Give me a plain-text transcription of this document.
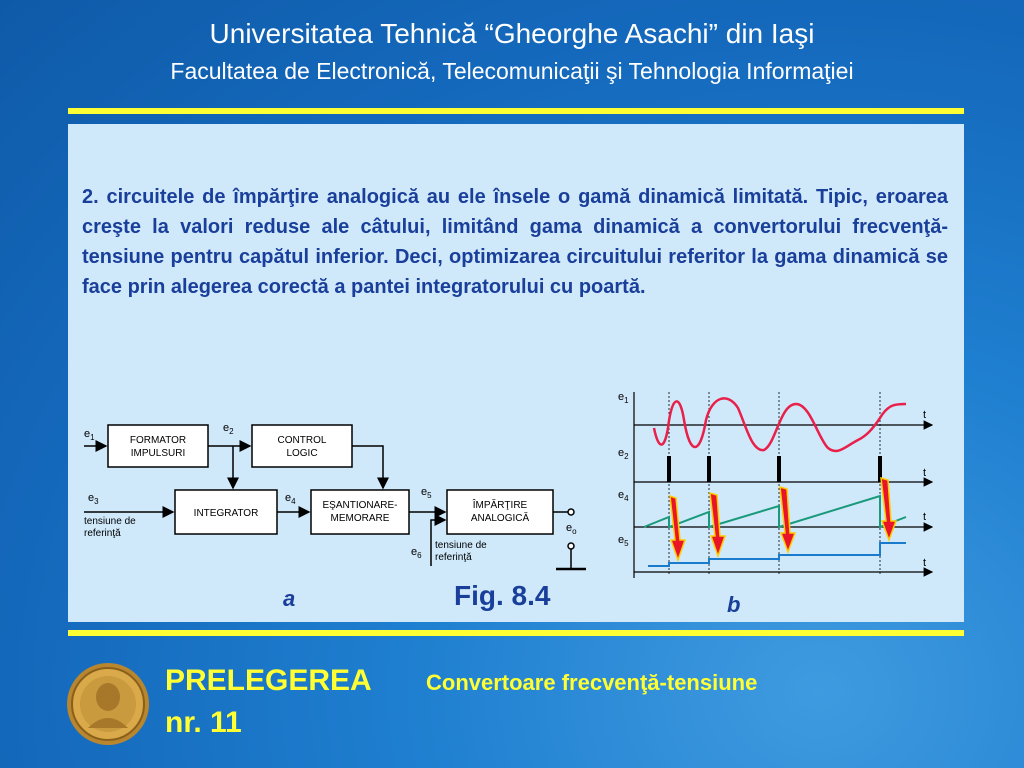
Universitatea Tehnică “Gheorghe Asachi” din Iaşi
Facultatea de Electronică, Telecomunicaţii şi Tehnologia Informaţiei
2. circuitele de împărţire analogică au ele însele o gamă dinamică limitată. Tipic, eroarea creşte la valori reduse ale câtului, limitând gama dinamică a convertorului frecvenţă-tensiune pentru capătul inferior. Deci, optimizarea circuitului referitor la gama dinamică se face prin alegerea corectă a pantei integratorului cu poartă.
FORMATOR
IMPULSURI
CONTROL
LOGIC
INTEGRATOR
EŞANTIONARE-
MEMORARE
ÎMPĂRŢIRE
ANALOGICĂ
$e_1$
$e_2$
$e_3$	$e_4$
$e_5$
$e_6$
$e_o$
tensiune de
referinţă
tensiune de
referinţă
$e_1$
$e_2$
$e_4$
$e_5$
t
t
t
t
Fig. 8.4
a	b
PRELEGEREA
nr. 11
Convertoare frecvenţă-tensiune
